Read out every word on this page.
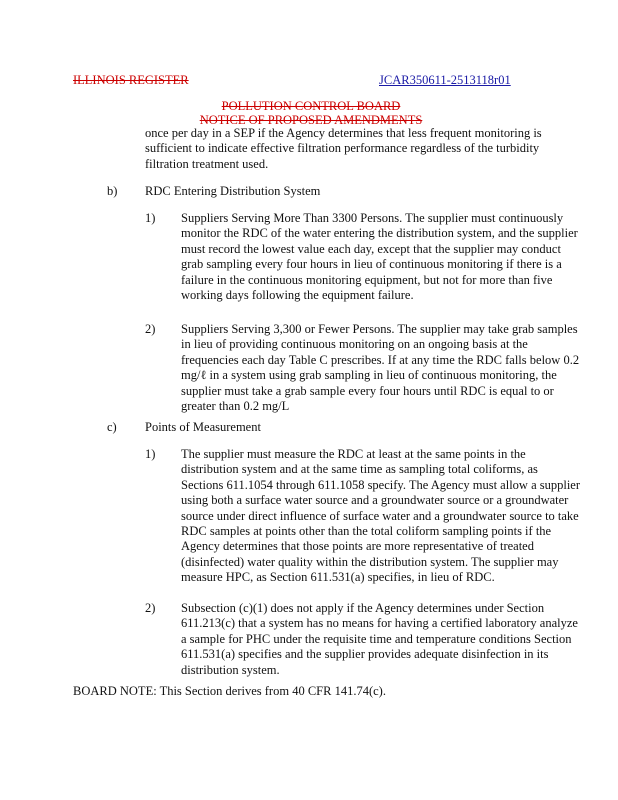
ILLINOIS REGISTER	JCAR350611-2513118r01
POLLUTION CONTROL BOARD
NOTICE OF PROPOSED AMENDMENTS
once per day in a SEP if the Agency determines that less frequent monitoring is sufficient to indicate effective filtration performance regardless of the turbidity filtration treatment used.
b) RDC Entering Distribution System
1) Suppliers Serving More Than 3300 Persons. The supplier must continuously monitor the RDC of the water entering the distribution system, and the supplier must record the lowest value each day, except that the supplier may conduct grab sampling every four hours in lieu of continuous monitoring if there is a failure in the continuous monitoring equipment, but not for more than five working days following the equipment failure.
2) Suppliers Serving 3,300 or Fewer Persons. The supplier may take grab samples in lieu of providing continuous monitoring on an ongoing basis at the frequencies each day Table C prescribes. If at any time the RDC falls below 0.2 mg/ℓ in a system using grab sampling in lieu of continuous monitoring, the supplier must take a grab sample every four hours until RDC is equal to or greater than 0.2 mg/L
c) Points of Measurement
1) The supplier must measure the RDC at least at the same points in the distribution system and at the same time as sampling total coliforms, as Sections 611.1054 through 611.1058 specify. The Agency must allow a supplier using both a surface water source and a groundwater source or a groundwater source under direct influence of surface water and a groundwater source to take RDC samples at points other than the total coliform sampling points if the Agency determines that those points are more representative of treated (disinfected) water quality within the distribution system. The supplier may measure HPC, as Section 611.531(a) specifies, in lieu of RDC.
2) Subsection (c)(1) does not apply if the Agency determines under Section 611.213(c) that a system has no means for having a certified laboratory analyze a sample for PHC under the requisite time and temperature conditions Section 611.531(a) specifies and the supplier provides adequate disinfection in its distribution system.
BOARD NOTE: This Section derives from 40 CFR 141.74(c).
